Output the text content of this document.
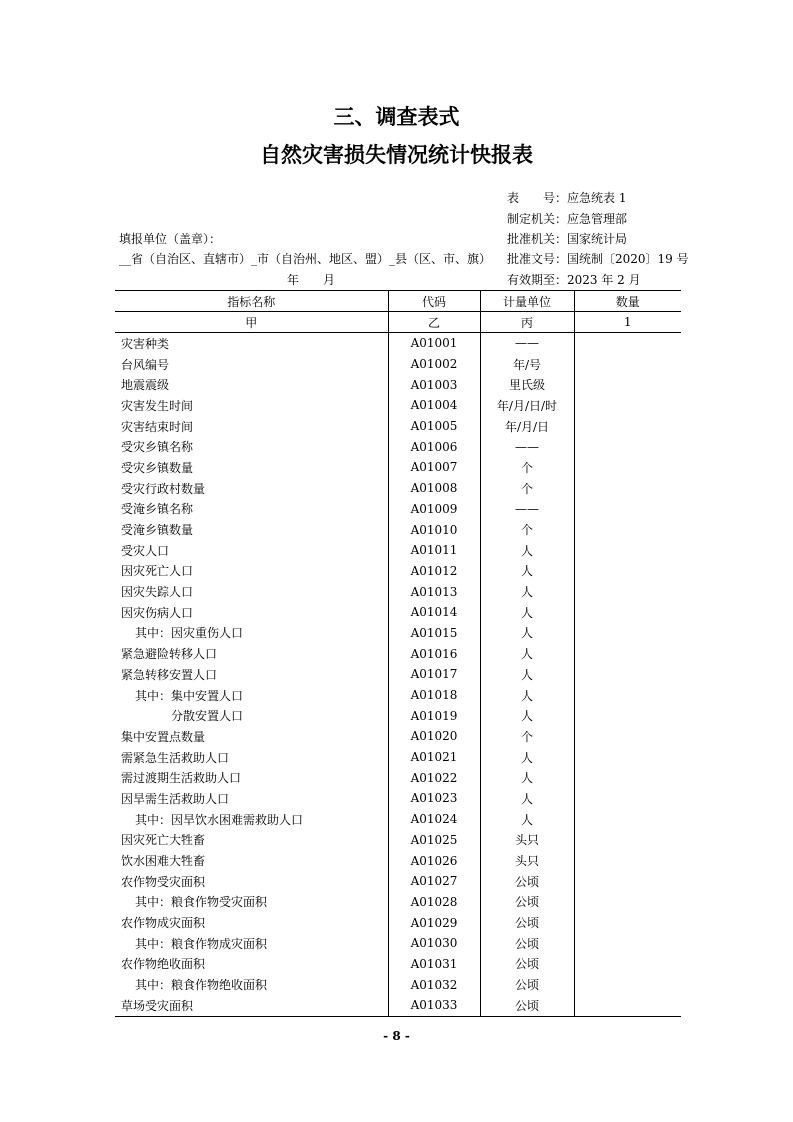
三、调查表式
自然灾害损失情况统计快报表
表　　号：应急统表 1
制定机关：应急管理部
批准机关：国家统计局
批准文号：国统制〔2020〕19 号
有效期至：2023 年 2 月
填报单位（盖章）：
__省（自治区、直辖市）_市（自治州、地区、盟）_县（区、市、旗）
年　　月
指标名称	代码	计量单位	数量
甲	乙	丙	1
灾害种类	A01001	——	
台风编号	A01002	年/号	
地震震级	A01003	里氏级	
灾害发生时间	A01004	年/月/日/时	
灾害结束时间	A01005	年/月/日	
受灾乡镇名称	A01006	——	
受灾乡镇数量	A01007	个	
受灾行政村数量	A01008	个	
受淹乡镇名称	A01009	——	
受淹乡镇数量	A01010	个	
受灾人口	A01011	人	
因灾死亡人口	A01012	人	
因灾失踪人口	A01013	人	
因灾伤病人口	A01014	人	
其中：因灾重伤人口	A01015	人	
紧急避险转移人口	A01016	人	
紧急转移安置人口	A01017	人	
其中：集中安置人口	A01018	人	
分散安置人口	A01019	人	
集中安置点数量	A01020	个	
需紧急生活救助人口	A01021	人	
需过渡期生活救助人口	A01022	人	
因旱需生活救助人口	A01023	人	
其中：因旱饮水困难需救助人口	A01024	人	
因灾死亡大牲畜	A01025	头只	
饮水困难大牲畜	A01026	头只	
农作物受灾面积	A01027	公顷	
其中：粮食作物受灾面积	A01028	公顷	
农作物成灾面积	A01029	公顷	
其中：粮食作物成灾面积	A01030	公顷	
农作物绝收面积	A01031	公顷	
其中：粮食作物绝收面积	A01032	公顷	
草场受灾面积	A01033	公顷	
- 8 -
